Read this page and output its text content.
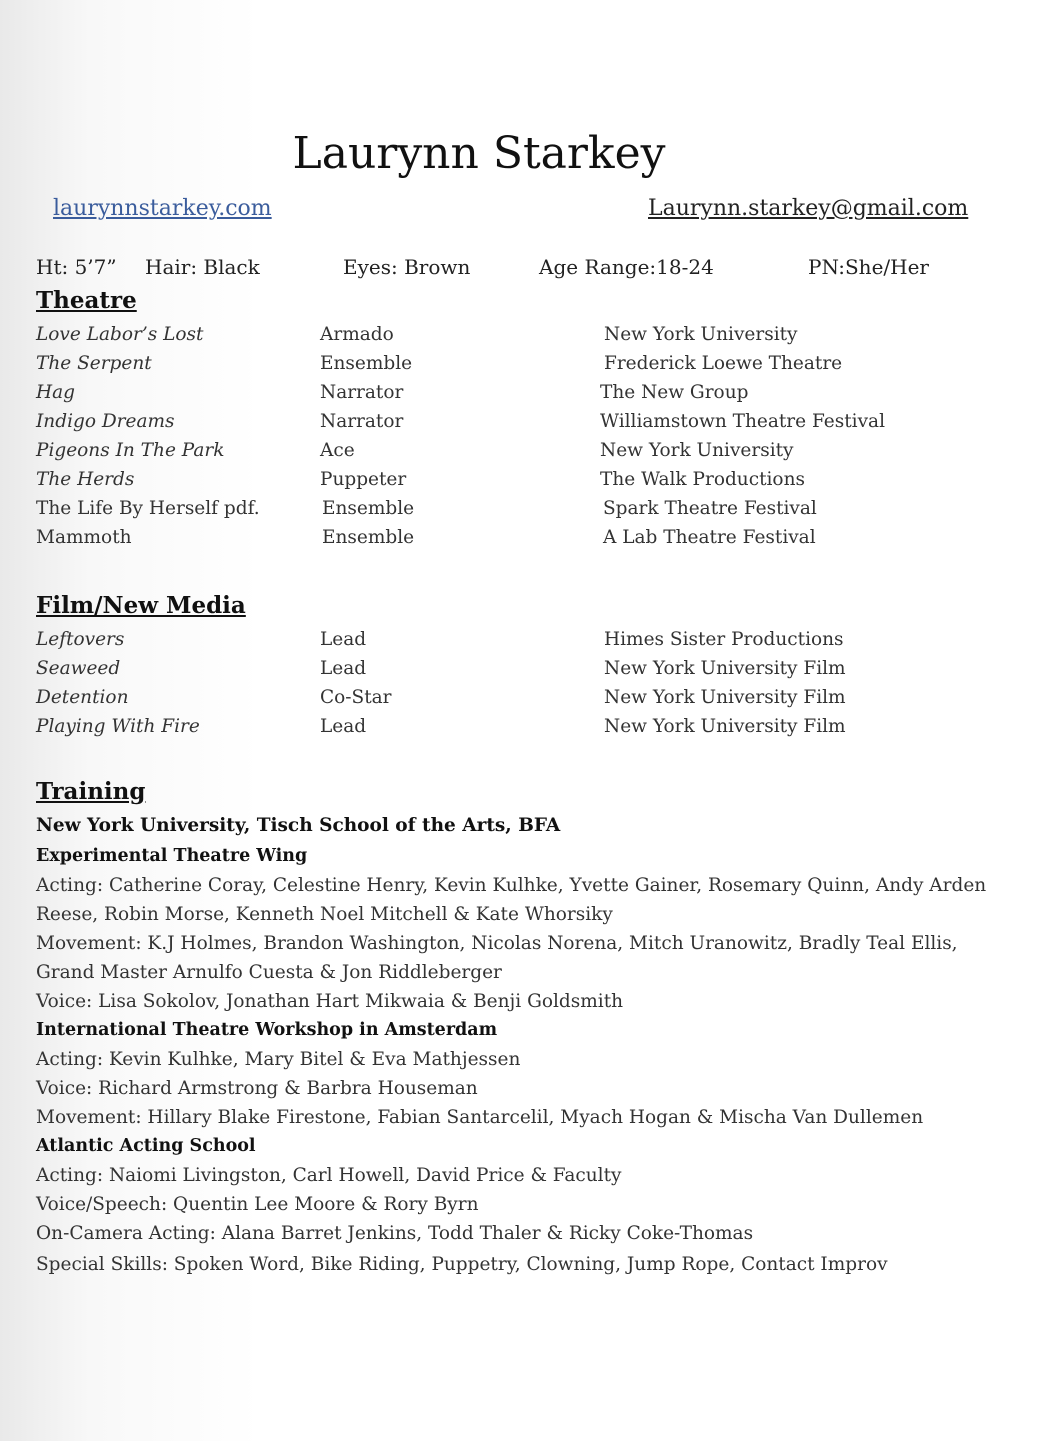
Laurynn Starkey
laurynnstarkey.com	Laurynn.starkey@gmail.com
Ht: 5’7” Hair: Black	Eyes: Brown	Age Range:18-24	PN:She/Her
Theatre
Love Labor’s Lost	Armado	New York University
The Serpent	Ensemble	Frederick Loewe Theatre
Hag	Narrator	The New Group
Indigo Dreams	Narrator	Williamstown Theatre Festival
Pigeons In The Park	Ace	New York University
The Herds	Puppeter	The Walk Productions
The Life By Herself pdf.	Ensemble	Spark Theatre Festival
Mammoth	Ensemble	A Lab Theatre Festival
Film/New Media
Leftovers	Lead	Himes Sister Productions
Seaweed	Lead	New York University Film
Detention	Co-Star	New York University Film
Playing With Fire	Lead	New York University Film
Training
New York University, Tisch School of the Arts, BFA
Experimental Theatre Wing
Acting: Catherine Coray, Celestine Henry, Kevin Kulhke, Yvette Gainer, Rosemary Quinn, Andy Arden
Reese, Robin Morse, Kenneth Noel Mitchell & Kate Whorsiky
Movement: K.J Holmes, Brandon Washington, Nicolas Norena, Mitch Uranowitz, Bradly Teal Ellis,
Grand Master Arnulfo Cuesta & Jon Riddleberger
Voice: Lisa Sokolov, Jonathan Hart Mikwaia & Benji Goldsmith
International Theatre Workshop in Amsterdam
Acting: Kevin Kulhke, Mary Bitel & Eva Mathjessen
Voice: Richard Armstrong & Barbra Houseman
Movement: Hillary Blake Firestone, Fabian Santarcelil, Myach Hogan & Mischa Van Dullemen
Atlantic Acting School
Acting: Naiomi Livingston, Carl Howell, David Price & Faculty
Voice/Speech: Quentin Lee Moore & Rory Byrn
On-Camera Acting: Alana Barret Jenkins, Todd Thaler & Ricky Coke-Thomas
Special Skills: Spoken Word, Bike Riding, Puppetry, Clowning, Jump Rope, Contact Improv
